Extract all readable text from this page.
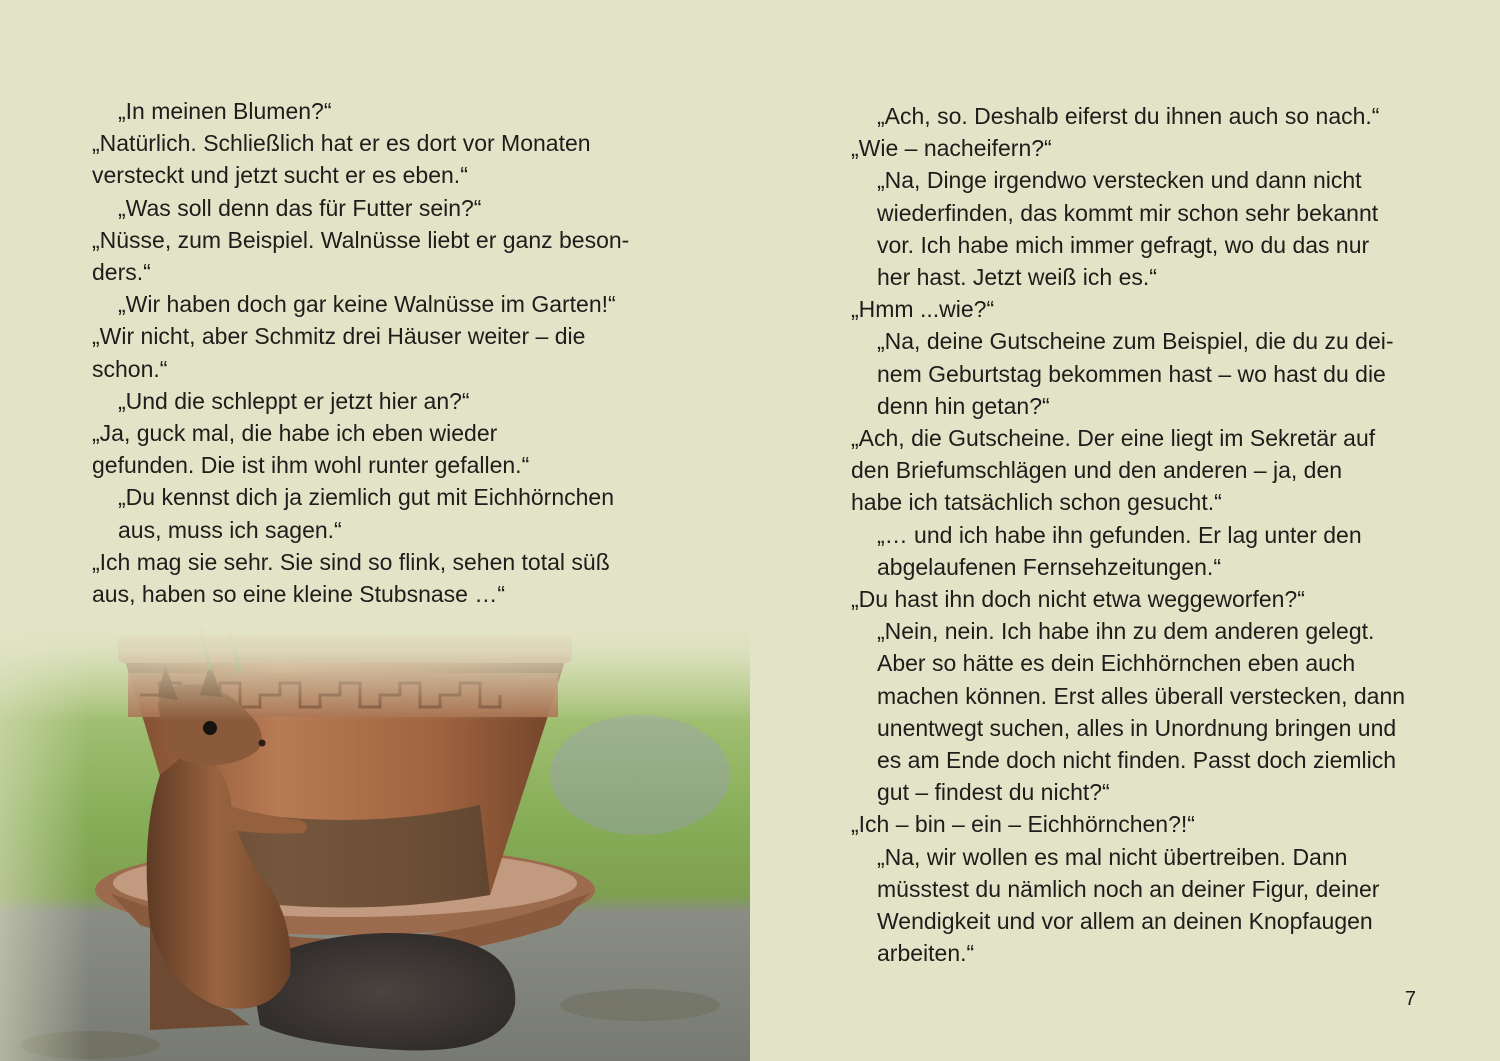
„In meinen Blumen?“
„Natürlich. Schließlich hat er es dort vor Monaten
versteckt und jetzt sucht er es eben.“
„Was soll denn das für Futter sein?“
„Nüsse, zum Beispiel. Walnüsse liebt er ganz beson-
ders.“
„Wir haben doch gar keine Walnüsse im Garten!“
„Wir nicht, aber Schmitz drei Häuser weiter – die
schon.“
„Und die schleppt er jetzt hier an?“
„Ja, guck mal, die habe ich eben wieder
gefunden. Die ist ihm wohl runter gefallen.“
„Du kennst dich ja ziemlich gut mit Eichhörnchen
aus, muss ich sagen.“
„Ich mag sie sehr. Sie sind so flink, sehen total süß
aus, haben so eine kleine Stubsnase …“
„Ach, so. Deshalb eiferst du ihnen auch so nach.“
„Wie – nacheifern?“
„Na, Dinge irgendwo verstecken und dann nicht
wiederfinden, das kommt mir schon sehr bekannt
vor. Ich habe mich immer gefragt, wo du das nur
her hast. Jetzt weiß ich es.“
„Hmm ...wie?“
„Na, deine Gutscheine zum Beispiel, die du zu dei-
nem Geburtstag bekommen hast – wo hast du die
denn hin getan?“
„Ach, die Gutscheine. Der eine liegt im Sekretär auf
den Briefumschlägen und den anderen – ja, den
habe ich tatsächlich schon gesucht.“
„… und ich habe ihn gefunden. Er lag unter den
abgelaufenen Fernsehzeitungen.“
„Du hast ihn doch nicht etwa weggeworfen?“
„Nein, nein. Ich habe ihn zu dem anderen gelegt.
Aber so hätte es dein Eichhörnchen eben auch
machen können. Erst alles überall verstecken, dann
unentwegt suchen, alles in Unordnung bringen und
es am Ende doch nicht finden. Passt doch ziemlich
gut – findest du nicht?“
„Ich – bin – ein – Eichhörnchen?!“
„Na, wir wollen es mal nicht übertreiben. Dann
müsstest du nämlich noch an deiner Figur, deiner
Wendigkeit und vor allem an deinen Knopfaugen
arbeiten.“
7
